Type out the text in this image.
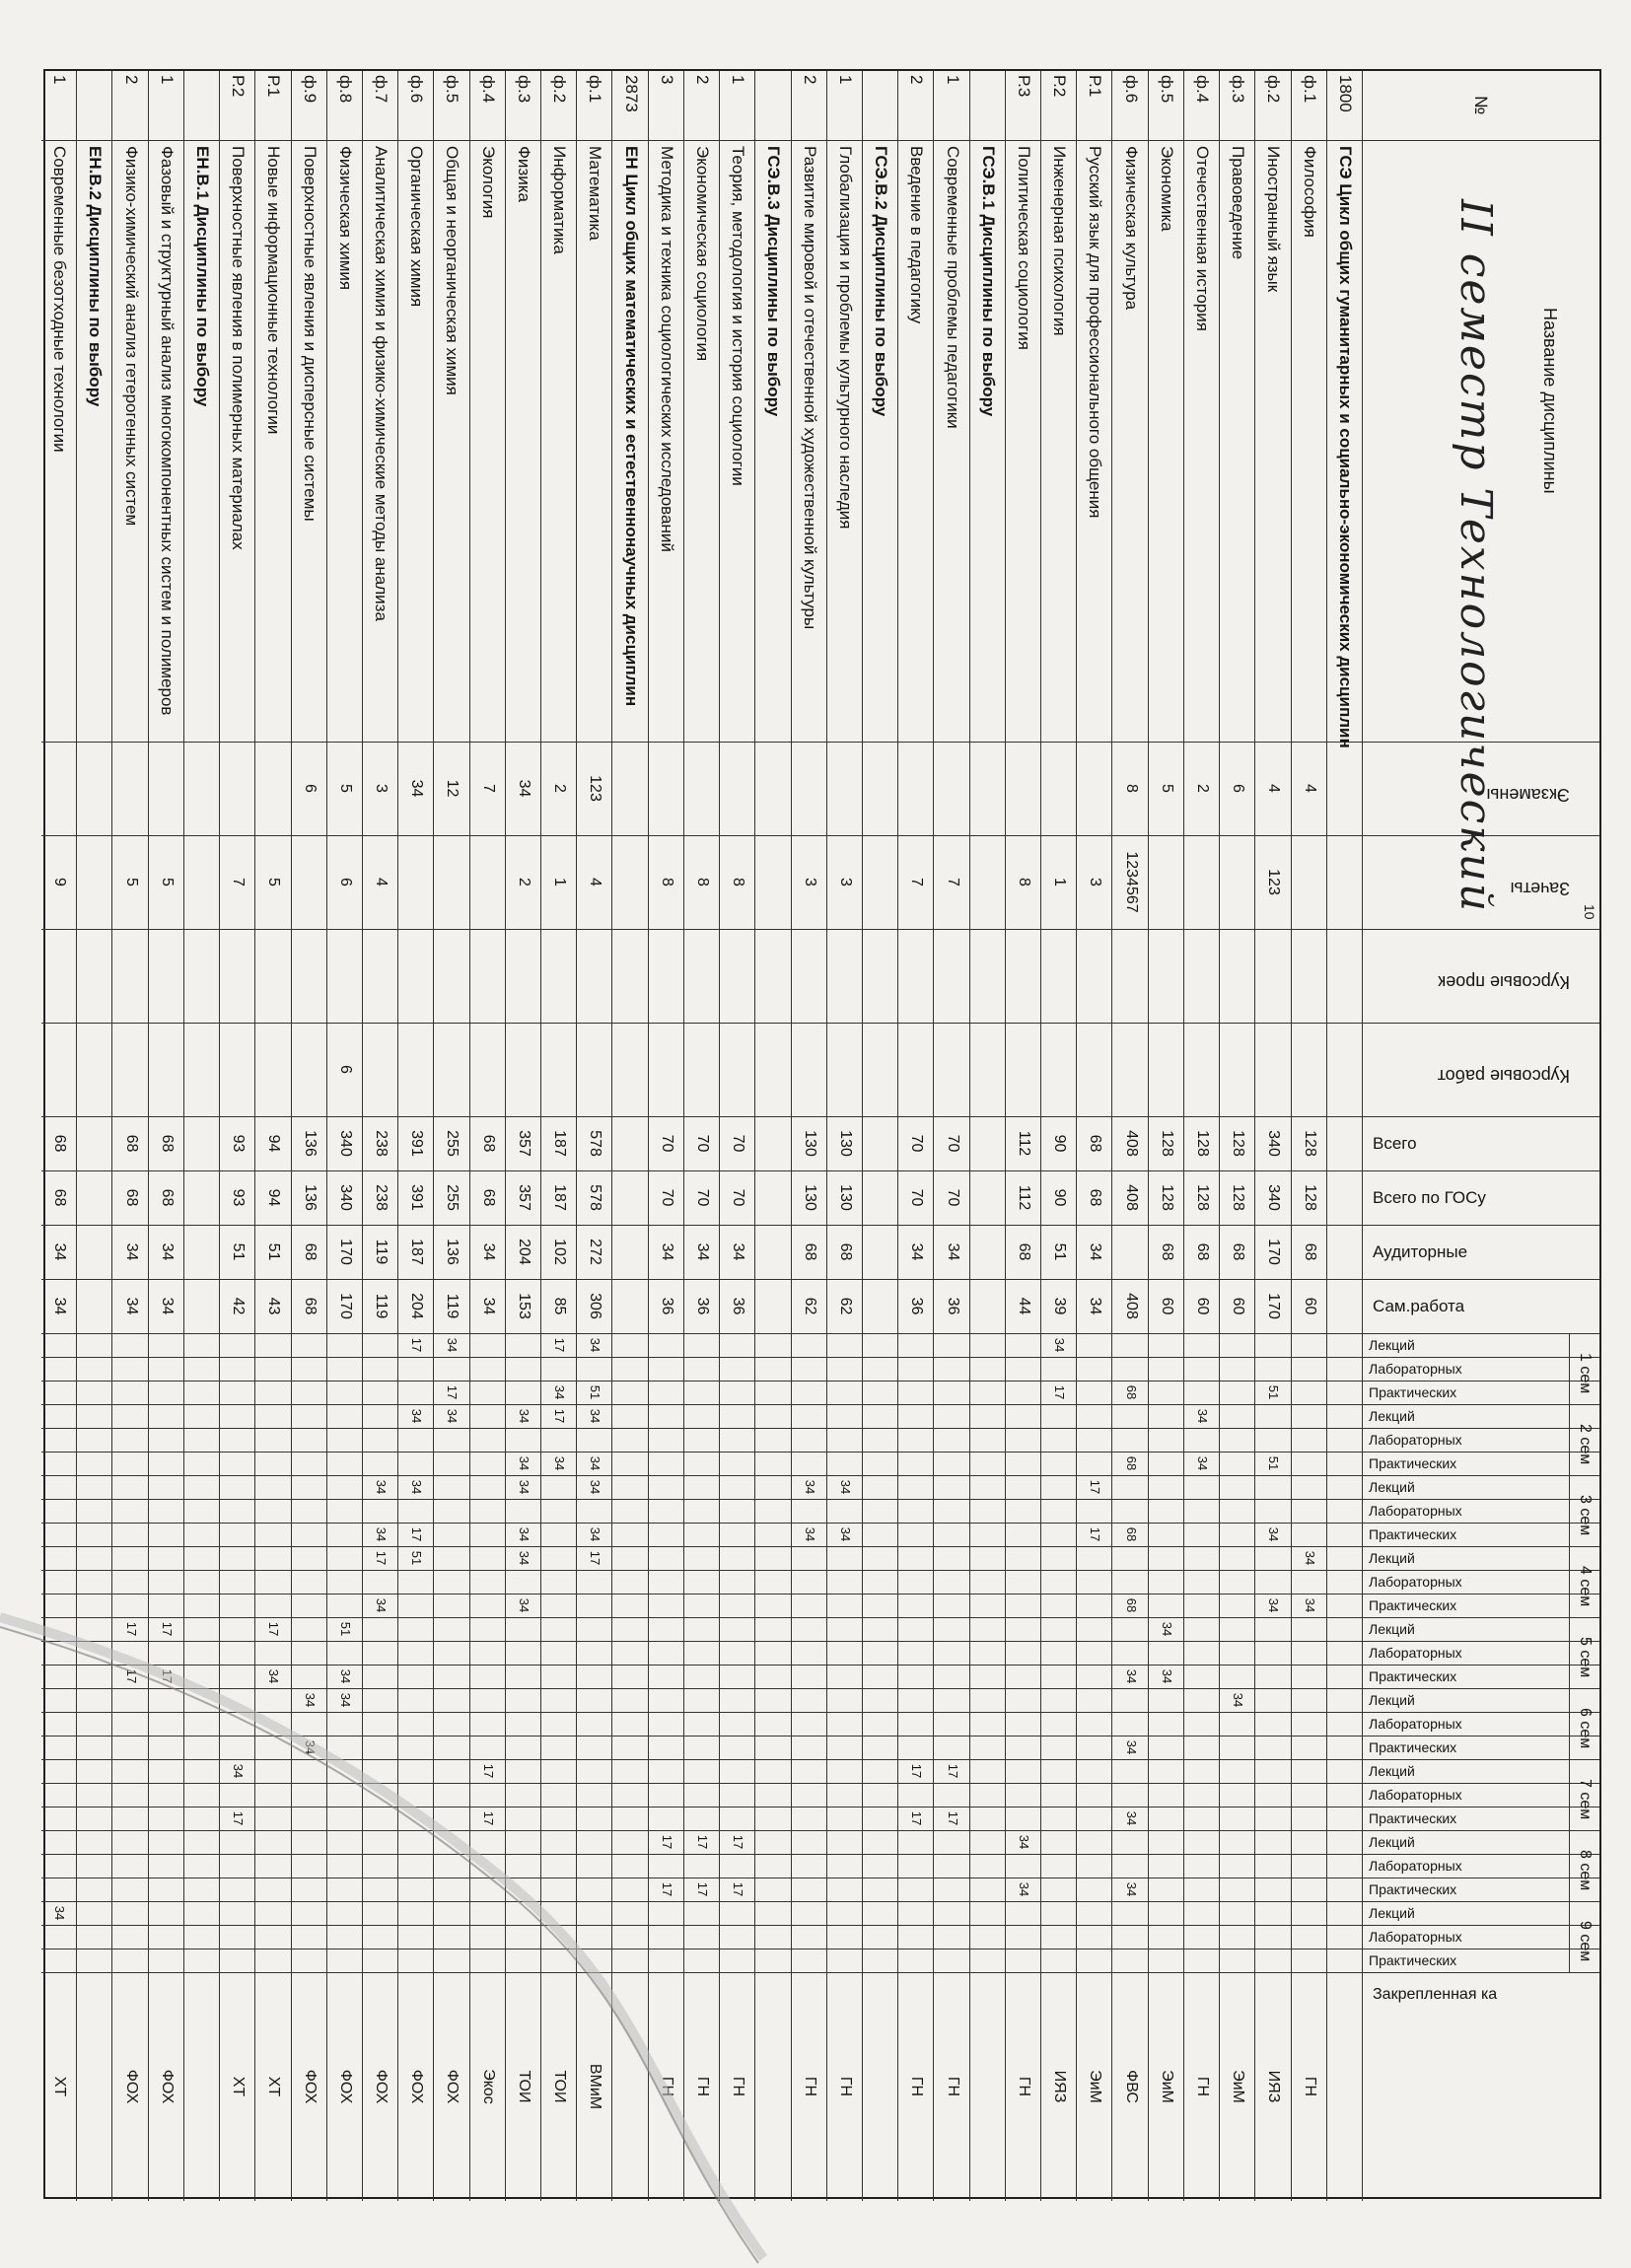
№
Название дисциплины
II семестр Технологический
Экзамены
Зачеты
Курсовые проек
Курсовые работ
Всего
Всего по ГОСу
Аудиторные
Сам.работа
Закрепленная ка
1 сем
Лекций
Лабораторных
Практических
2 сем
Лекций
Лабораторных
Практических
3 сем
Лекций
Лабораторных
Практических
4 сем
Лекций
Лабораторных
Практических
5 сем
Лекций
Лабораторных
Практических
6 сем
Лекций
Лабораторных
Практических
7 сем
Лекций
Лабораторных
Практических
8 сем
Лекций
Лабораторных
Практических
9 сем
Лекций
Лабораторных
Практических
10
1800
ГСЭ Цикл общих гуманитарных и социально-экономических дисциплин
ф.1
Философия
4
128
128
68
60
34
34
ГН
ф.2
Иностранный язык
4
123
340
340
170
170
51
51
34
34
ИЯЗ
ф.3
Правоведение
6
128
128
68
60
34
ЭиМ
ф.4
Отечественная история
2
128
128
68
60
34
34
ГН
ф.5
Экономика
5
128
128
68
60
34
34
ЭиМ
ф.6
Физическая культура
8
1234567
408
408
408
68
68
68
68
34
34
34
34
ФВС
Р.1
Русский язык для профессионального общения
3
68
68
34
34
17
17
ЭиМ
Р.2
Инженерная психология
1
90
90
51
39
34
17
ИЯЗ
Р.3
Политическая социология
8
112
112
68
44
34
34
ГН
ГСЭ.В.1 Дисциплины по выбору
1
Современные проблемы педагогики
7
70
70
34
36
17
17
ГН
2
Введение в педагогику
7
70
70
34
36
17
17
ГН
ГСЭ.В.2 Дисциплины по выбору
1
Глобализация и проблемы культурного наследия
3
130
130
68
62
34
34
ГН
2
Развитие мировой и отечественной художественной культуры
3
130
130
68
62
34
34
ГН
ГСЭ.В.3 Дисциплины по выбору
1
Теория, методология и история социологии
8
70
70
34
36
17
17
ГН
2
Экономическая социология
8
70
70
34
36
17
17
ГН
3
Методика и техника социологических исследований
8
70
70
34
36
17
17
ГН
2873
ЕН Цикл общих математических и естественнонаучных дисциплин
ф.1
Математика
123
4
578
578
272
306
34
51
34
34
34
34
17
ВМиМ
ф.2
Информатика
2
1
187
187
102
85
17
34
17
34
ТОИ
ф.3
Физика
34
2
357
357
204
153
34
34
34
34
34
34
ТОИ
ф.4
Экология
7
68
68
34
34
17
17
Экос
ф.5
Общая и неорганическая химия
12
255
255
136
119
34
17
34
ФОХ
ф.6
Органическая химия
34
391
391
187
204
17
34
34
17
51
ФОХ
ф.7
Аналитическая химия и физико-химические методы анализа
3
4
238
238
119
119
34
34
17
34
ФОХ
ф.8
Физическая химия
5
6
6
340
340
170
170
51
34
34
ФОХ
ф.9
Поверхностные явления и дисперсные системы
6
136
136
68
68
34
34
ФОХ
Р.1
Новые информационные технологии
5
94
94
51
43
17
34
ХТ
Р.2
Поверхностные явления в полимерных материалах
7
93
93
51
42
34
17
ХТ
ЕН.В.1 Дисциплины по выбору
1
Фазовый и структурный анализ многокомпонентных систем и полимеров
5
68
68
34
34
17
17
ФОХ
2
Физико-химический анализ гетерогенных систем
5
68
68
34
34
17
17
ФОХ
ЕН.В.2 Дисциплины по выбору
1
Современные безотходные технологии
9
68
68
34
34
34
ХТ
